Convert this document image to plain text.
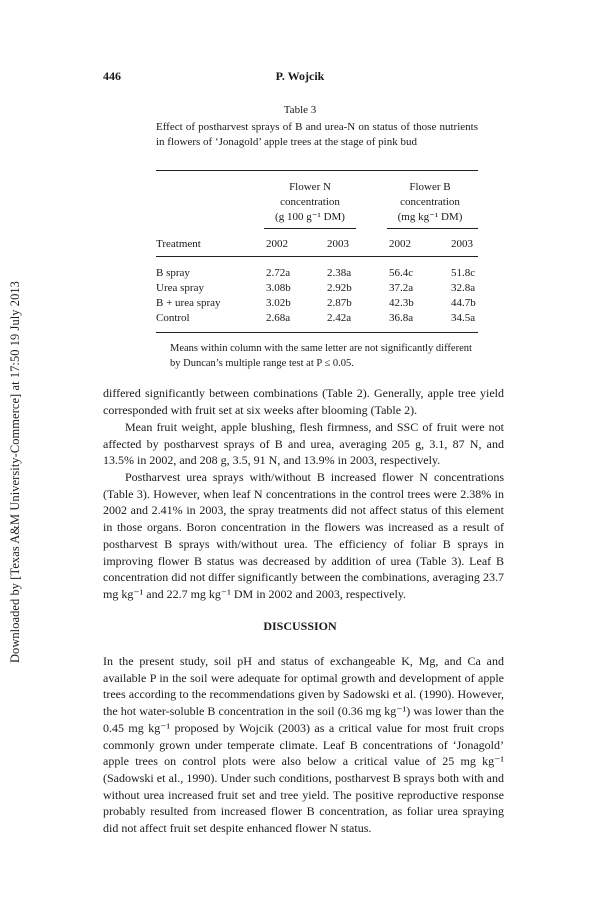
Downloaded by [Texas A&M University-Commerce] at 17:50 19 July 2013
446	P. Wojcik
Table 3
Effect of postharvest sprays of B and urea-N on status of those nutrients in flowers of ‘Jonagold’ apple trees at the stage of pink bud
Flower N
concentration
(g 100 g⁻¹ DM)
Flower B
concentration
(mg kg⁻¹ DM)
Treatment	2002	2003	2002	2003
B spray	2.72a	2.38a	56.4c	51.8c
Urea spray	3.08b	2.92b	37.2a	32.8a
B + urea spray	3.02b	2.87b	42.3b	44.7b
Control	2.68a	2.42a	36.8a	34.5a
Means within column with the same letter are not significantly different by Duncan’s multiple range test at P ≤ 0.05.

differed significantly between combinations (Table 2). Generally, apple tree yield corresponded with fruit set at six weeks after blooming (Table 2).

Mean fruit weight, apple blushing, flesh firmness, and SSC of fruit were not affected by postharvest sprays of B and urea, averaging 205 g, 3.1, 87 N, and 13.5% in 2002, and 208 g, 3.5, 91 N, and 13.9% in 2003, respectively.

Postharvest urea sprays with/without B increased flower N concentrations (Table 3). However, when leaf N concentrations in the control trees were 2.38% in 2002 and 2.41% in 2003, the spray treatments did not affect status of this element in those organs. Boron concentration in the flowers was increased as a result of postharvest B sprays with/without urea. The efficiency of foliar B sprays in improving flower B status was decreased by addition of urea (Table 3). Leaf B concentration did not differ significantly between the combinations, averaging 23.7 mg kg⁻¹ and 22.7 mg kg⁻¹ DM in 2002 and 2003, respectively.

DISCUSSION

In the present study, soil pH and status of exchangeable K, Mg, and Ca and available P in the soil were adequate for optimal growth and development of apple trees according to the recommendations given by Sadowski et al. (1990). However, the hot water-soluble B concentration in the soil (0.36 mg kg⁻¹) was lower than the 0.45 mg kg⁻¹ proposed by Wojcik (2003) as a critical value for most fruit crops commonly grown under temperate climate. Leaf B concentrations of ‘Jonagold’ apple trees on control plots were also below a critical value of 25 mg kg⁻¹ (Sadowski et al., 1990). Under such conditions, postharvest B sprays both with and without urea increased fruit set and tree yield. The positive reproductive response probably resulted from increased flower B concentration, as foliar urea spraying did not affect fruit set despite enhanced flower N status.
